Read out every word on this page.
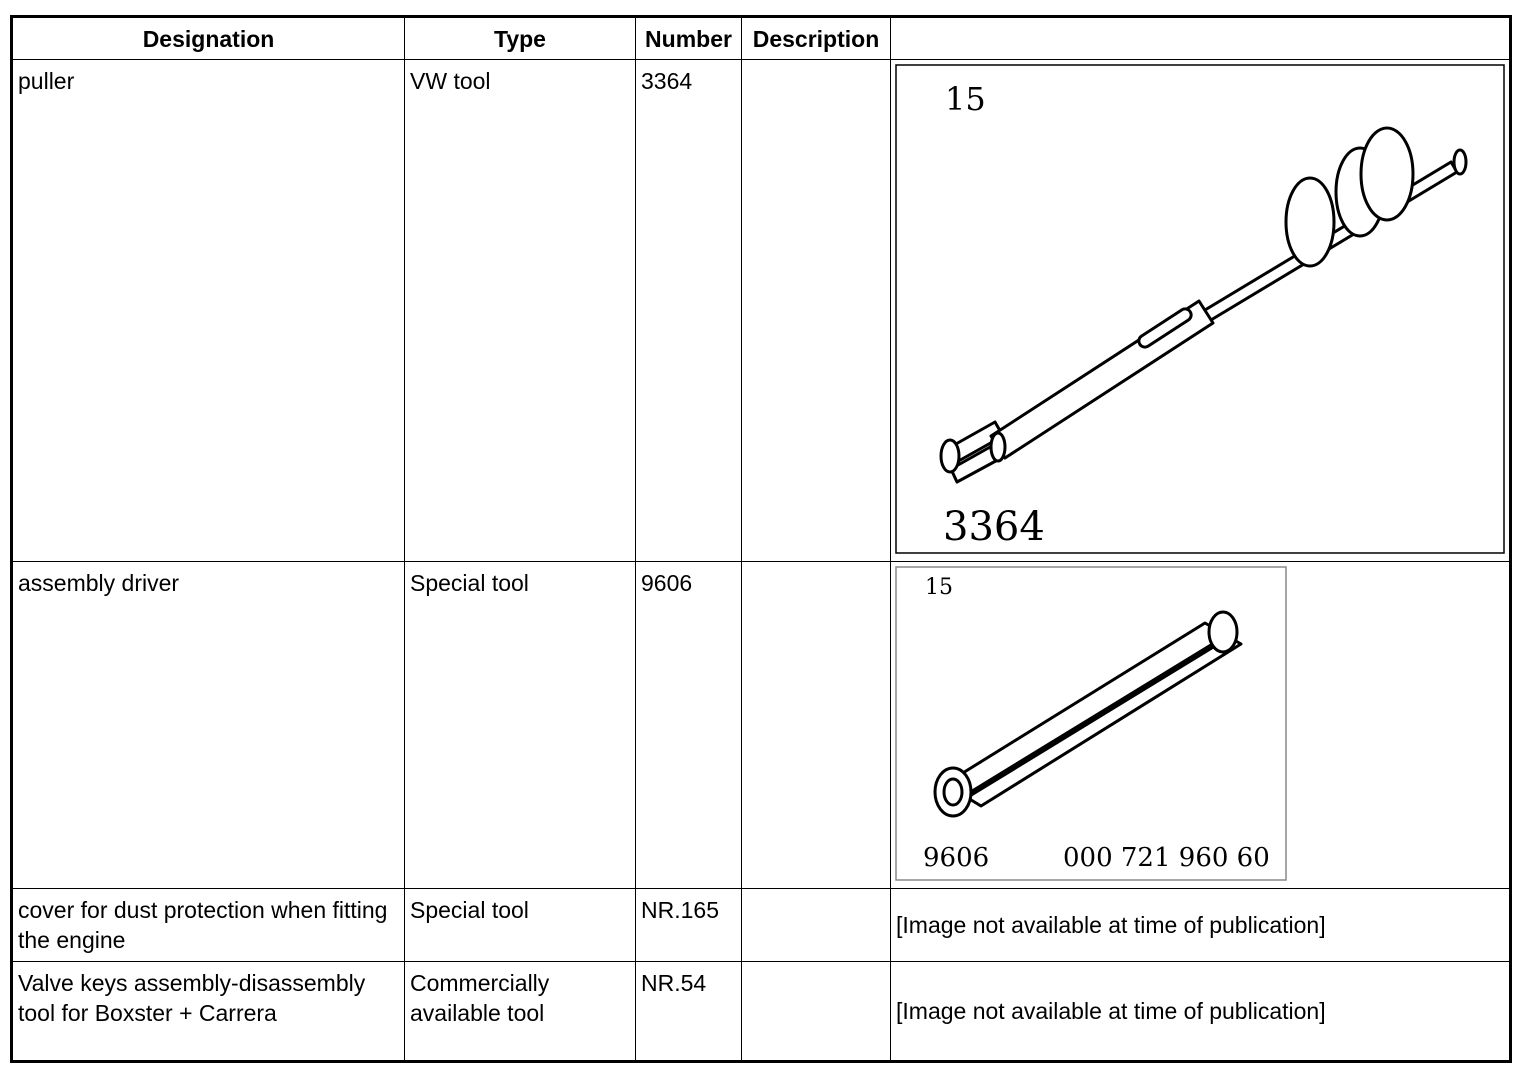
Designation	Type	Number	Description	
puller	VW tool	3364		15
3364

assembly driver	Special tool	9606		15
9606 000 721 960 60

cover for dust protection when fitting the engine	Special tool	NR.165		[Image not available at time of publication]
Valve keys assembly-disassembly tool for Boxster + Carrera	Commercially available tool	NR.54		[Image not available at time of publication]
